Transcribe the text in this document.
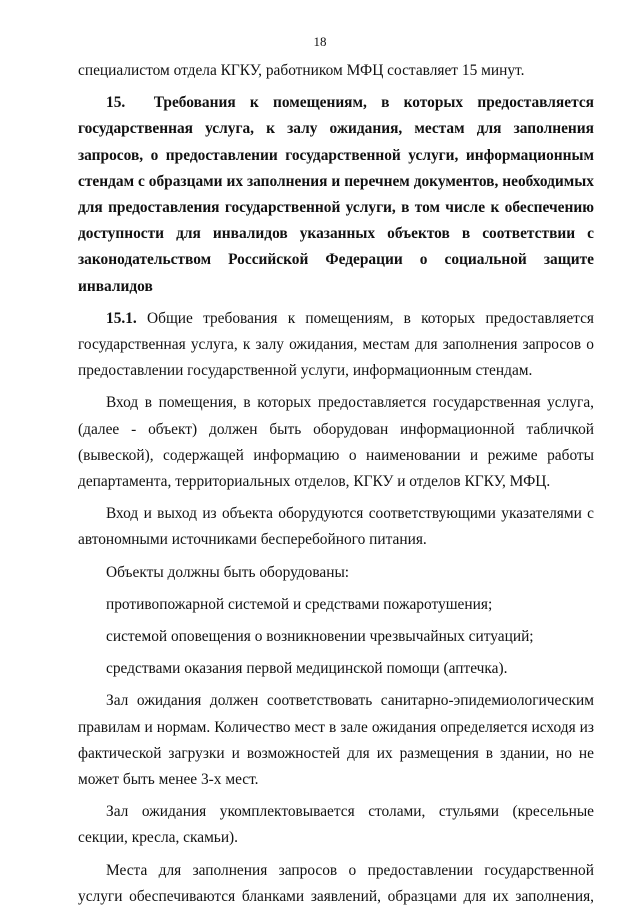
18

специалистом отдела КГКУ, работником МФЦ составляет 15 минут.

15.  Требования к помещениям, в которых предоставляется государственная услуга, к залу ожидания, местам для заполнения запросов, о предоставлении государственной услуги, информационным стендам с образцами их заполнения и перечнем документов, необходимых для предоставления государственной услуги, в том числе к обеспечению доступности для инвалидов указанных объектов в соответствии с законодательством Российской Федерации о социальной защите инвалидов

15.1. Общие требования к помещениям, в которых предоставляется государственная услуга, к залу ожидания, местам для заполнения запросов о предоставлении государственной услуги, информационным стендам.

Вход в помещения, в которых предоставляется государственная услуга, (далее - объект) должен быть оборудован информационной табличкой (вывеской), содержащей информацию о наименовании и режиме работы департамента, территориальных отделов, КГКУ и отделов КГКУ, МФЦ.

Вход и выход из объекта оборудуются соответствующими указателями с автономными источниками бесперебойного питания.

Объекты должны быть оборудованы:

противопожарной системой и средствами пожаротушения;

системой оповещения о возникновении чрезвычайных ситуаций;

средствами оказания первой медицинской помощи (аптечка).

Зал ожидания должен соответствовать санитарно-эпидемиологическим правилам и нормам. Количество мест в зале ожидания определяется исходя из фактической загрузки и возможностей для их размещения в здании, но не может быть менее 3-х мест.

Зал ожидания укомплектовывается столами, стульями (кресельные секции, кресла, скамьи).

Места для заполнения запросов о предоставлении государственной услуги обеспечиваются бланками заявлений, образцами для их заполнения,
